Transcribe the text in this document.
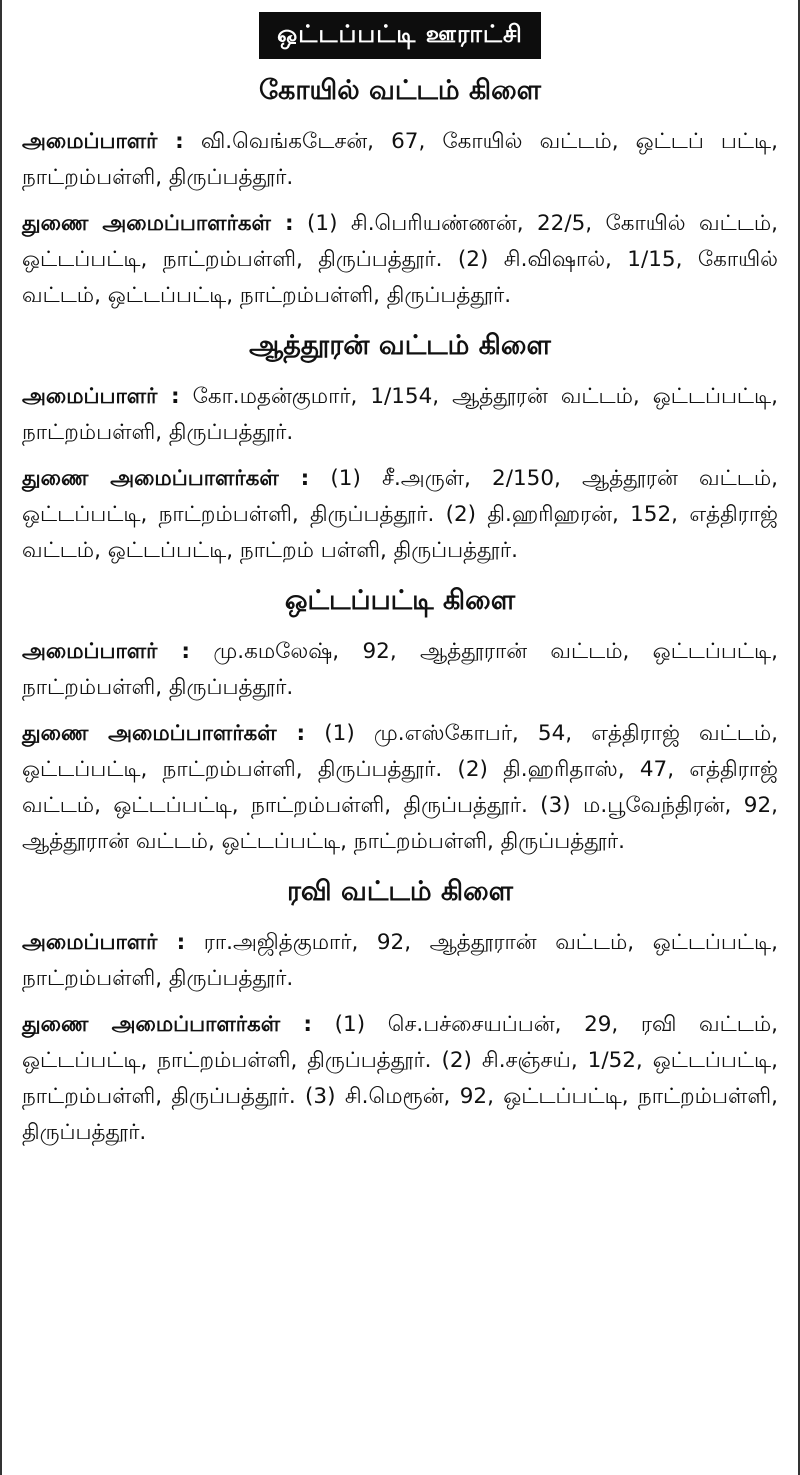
ஒட்டப்பட்டி ஊராட்சி
கோயில் வட்டம் கிளை

அமைப்பாளர் : வி.வெங்கடேசன், 67, கோயில் வட்டம், ஒட்டப் பட்டி, நாட்றம்பள்ளி, திருப்பத்தூர்.

துணை அமைப்பாளர்கள் : (1) சி.பெரியண்ணன், 22/5, கோயில் வட்டம், ஒட்டப்பட்டி, நாட்றம்பள்ளி, திருப்பத்தூர். (2) சி.விஷால், 1/15, கோயில் வட்டம், ஒட்டப்பட்டி, நாட்றம்பள்ளி, திருப்பத்தூர்.

ஆத்தூரன் வட்டம் கிளை

அமைப்பாளர் : கோ.மதன்குமார், 1/154, ஆத்தூரன் வட்டம், ஒட்டப்பட்டி, நாட்றம்பள்ளி, திருப்பத்தூர்.

துணை அமைப்பாளர்கள் : (1) சீ.அருள், 2/150, ஆத்தூரன் வட்டம், ஒட்டப்பட்டி, நாட்றம்பள்ளி, திருப்பத்தூர். (2) தி.ஹரிஹரன், 152, எத்திராஜ் வட்டம், ஒட்டப்பட்டி, நாட்றம் பள்ளி, திருப்பத்தூர்.

ஒட்டப்பட்டி கிளை

அமைப்பாளர் : மு.கமலேஷ், 92, ஆத்தூரான் வட்டம், ஒட்டப்பட்டி, நாட்றம்பள்ளி, திருப்பத்தூர்.

துணை அமைப்பாளர்கள் : (1) மு.எஸ்கோபர், 54, எத்திராஜ் வட்டம், ஒட்டப்பட்டி, நாட்றம்பள்ளி, திருப்பத்தூர். (2) தி.ஹரிதாஸ், 47, எத்திராஜ் வட்டம், ஒட்டப்பட்டி, நாட்றம்பள்ளி, திருப்பத்தூர். (3) ம.பூவேந்திரன், 92, ஆத்தூரான் வட்டம், ஒட்டப்பட்டி, நாட்றம்பள்ளி, திருப்பத்தூர்.

ரவி வட்டம் கிளை

அமைப்பாளர் : ரா.அஜித்குமார், 92, ஆத்தூரான் வட்டம், ஒட்டப்பட்டி, நாட்றம்பள்ளி, திருப்பத்தூர்.

துணை அமைப்பாளர்கள் : (1) செ.பச்சையப்பன், 29, ரவி வட்டம், ஒட்டப்பட்டி, நாட்றம்பள்ளி, திருப்பத்தூர். (2) சி.சஞ்சய், 1/52, ஒட்டப்பட்டி, நாட்றம்பள்ளி, திருப்பத்தூர். (3) சி.மெரூன், 92, ஒட்டப்பட்டி, நாட்றம்பள்ளி, திருப்பத்தூர்.
